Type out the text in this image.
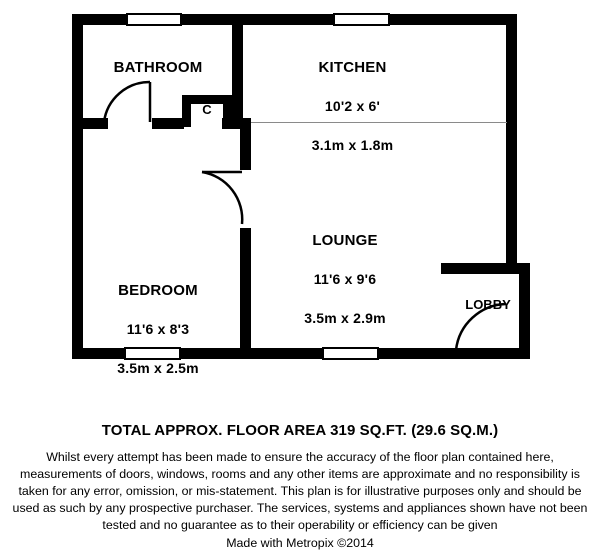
BATHROOM	KITCHEN

10'2 x 6'

3.1m x 1.8m

LOUNGE

11'6 x 9'6

3.5m x 2.9m

BEDROOM

11'6 x 8'3

3.5m x 2.5m

C
LOBBY
TOTAL APPROX. FLOOR AREA 319 SQ.FT. (29.6 SQ.M.)
Whilst every attempt has been made to ensure the accuracy of the floor plan contained here, measurements of doors, windows, rooms and any other items are approximate and no responsibility is taken for any error, omission, or mis-statement. This plan is for illustrative purposes only and should be used as such by any prospective purchaser. The services, systems and appliances shown have not been tested and no guarantee as to their operability or efficiency can be given
Made with Metropix ©2014
